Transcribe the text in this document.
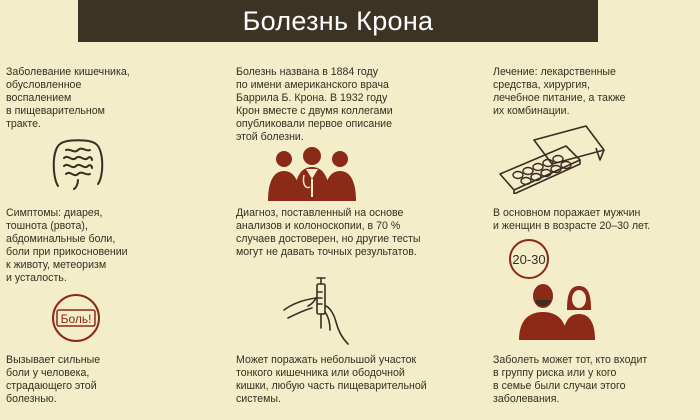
Болезнь Крона
Заболевание кишечника,
обусловленное
воспалением
в пищеварительном
тракте.
Симптомы: диарея,
тошнота (рвота),
абдоминальные боли,
боли при прикосновении
к животу, метеоризм
и усталость.
Боль!
Вызывает сильные
боли у человека,
страдающего этой
болезнью.
Болезнь названа в 1884 году
по имени американского врача
Баррила Б. Крона. В 1932 году
Крон вместе с двумя коллегами
опубликовали первое описание
этой болезни.
Диагноз, поставленный на основе
анализов и колоноскопии, в 70 %
случаев достоверен, но другие тесты
могут не давать точных результатов.
Может поражать небольшой участок
тонкого кишечника или ободочной
кишки, любую часть пищеварительной
системы.
Лечение: лекарственные
средства, хирургия,
лечебное питание, а также
их комбинации.
В основном поражает мужчин
и женщин в возрасте 20–30 лет.
20-30
Заболеть может тот, кто входит
в группу риска или у кого
в семье были случаи этого
заболевания.
